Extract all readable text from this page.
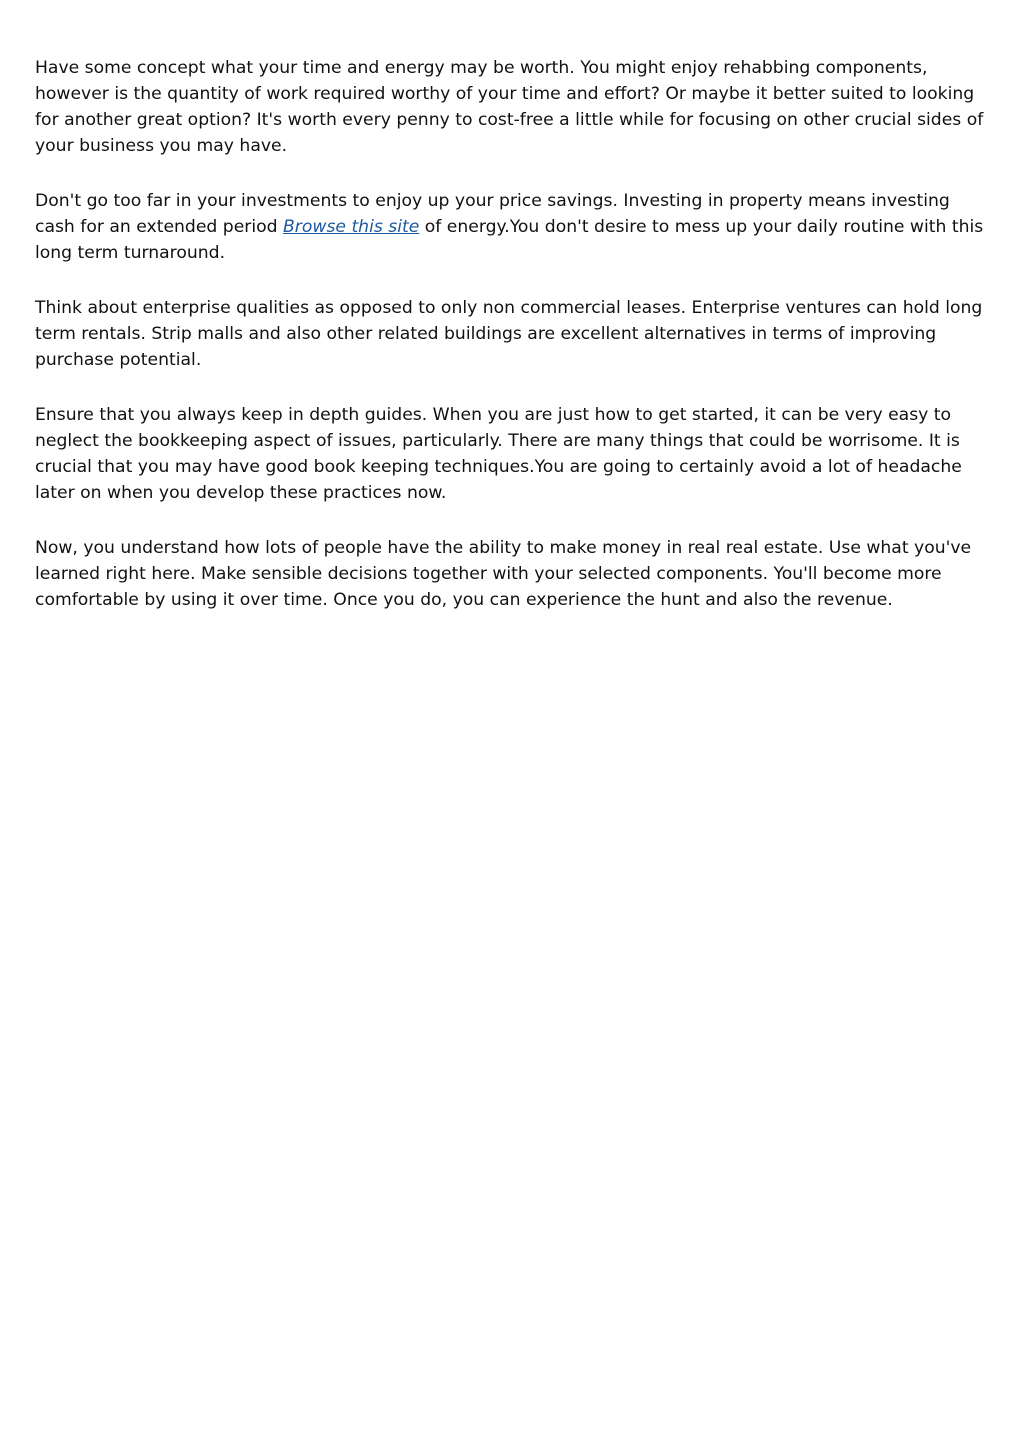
Have some concept what your time and energy may be worth. You might enjoy rehabbing components, however is the quantity of work required worthy of your time and effort? Or maybe it better suited to looking for another great option? It's worth every penny to cost-free a little while for focusing on other crucial sides of your business you may have.

Don't go too far in your investments to enjoy up your price savings. Investing in property means investing cash for an extended period Browse this site of energy.You don't desire to mess up your daily routine with this long term turnaround.

Think about enterprise qualities as opposed to only non commercial leases. Enterprise ventures can hold long term rentals. Strip malls and also other related buildings are excellent alternatives in terms of improving purchase potential.

Ensure that you always keep in depth guides. When you are just how to get started, it can be very easy to neglect the bookkeeping aspect of issues, particularly. There are many things that could be worrisome. It is crucial that you may have good book keeping techniques.You are going to certainly avoid a lot of headache later on when you develop these practices now.

Now, you understand how lots of people have the ability to make money in real real estate. Use what you've learned right here. Make sensible decisions together with your selected components. You'll become more comfortable by using it over time. Once you do, you can experience the hunt and also the revenue.
